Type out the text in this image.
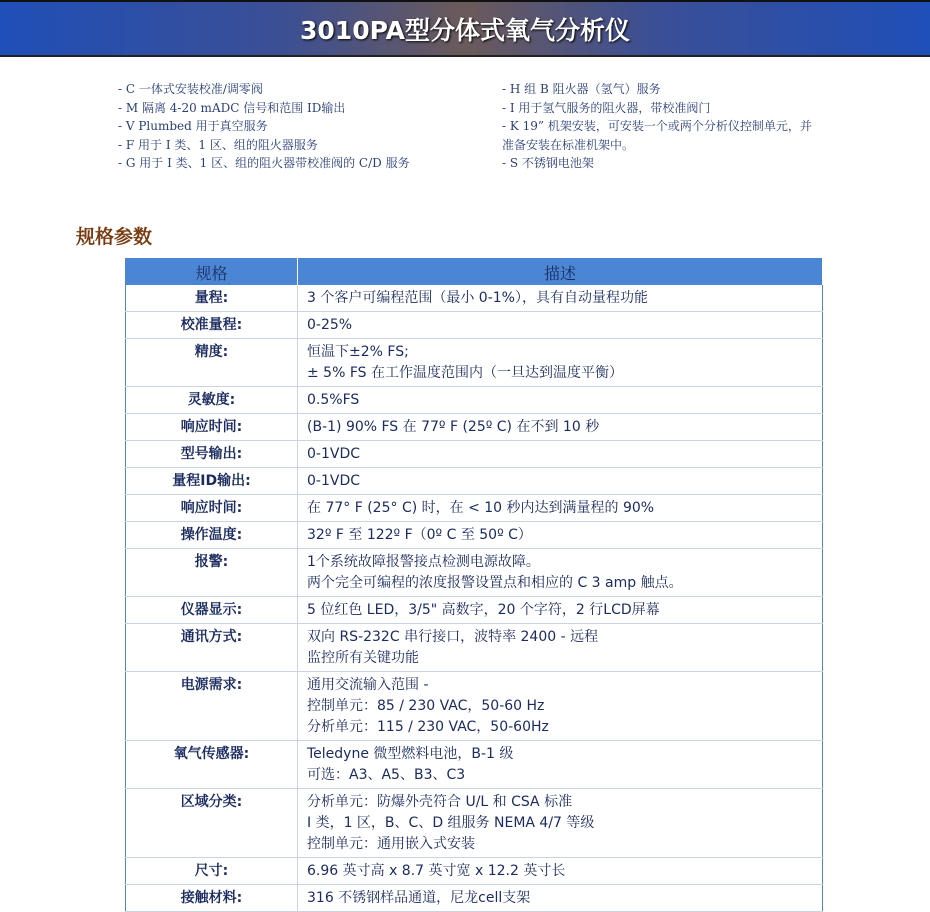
3010PA型分体式氧气分析仪
- C 一体式安装校准/调零阀
- M 隔离 4-20 mADC 信号和范围 ID输出
- V Plumbed 用于真空服务
- F 用于 I 类、1 区、组的阻火器服务
- G 用于 I 类、1 区、组的阻火器带校准阀的 C/D 服务
- H 组 B 阻火器（氢气）服务
- I 用于氢气服务的阻火器，带校准阀门
- K 19” 机架安装，可安装一个或两个分析仪控制单元，并
准备安装在标准机架中。
- S 不锈钢电池架
规格参数
规格	描述
量程:	3 个客户可编程范围（最小 0-1%），具有自动量程功能

校准量程:	0-25%

精度:	恒温下±2% FS;
± 5% FS 在工作温度范围内（一旦达到温度平衡）

灵敏度:	0.5%FS

响应时间:	(B-1) 90% FS 在 77º F (25º C) 在不到 10 秒

型号输出:	0-1VDC

量程ID输出:	0-1VDC

响应时间:	在 77° F (25° C) 时，在 < 10 秒内达到满量程的 90%

操作温度:	32º F 至 122º F（0º C 至 50º C）

报警:	1个系统故障报警接点检测电源故障。
两个完全可编程的浓度报警设置点和相应的 C 3 amp 触点。

仪器显示:	5 位红色 LED，3/5" 高数字，20 个字符，2 行LCD屏幕

通讯方式:	双向 RS-232C 串行接口，波特率 2400 - 远程
监控所有关键功能

电源需求:	通用交流输入范围 -
控制单元：85 / 230 VAC，50-60 Hz
分析单元：115 / 230 VAC，50-60Hz

氧气传感器:	Teledyne 微型燃料电池，B-1 级
可选：A3、A5、B3、C3

区域分类:	分析单元：防爆外壳符合 U/L 和 CSA 标准
I 类，1 区，B、C、D 组服务 NEMA 4/7 等级
控制单元：通用嵌入式安装

尺寸:	6.96 英寸高 x 8.7 英寸宽 x 12.2 英寸长

接触材料:	316 不锈钢样品通道，尼龙cell支架
